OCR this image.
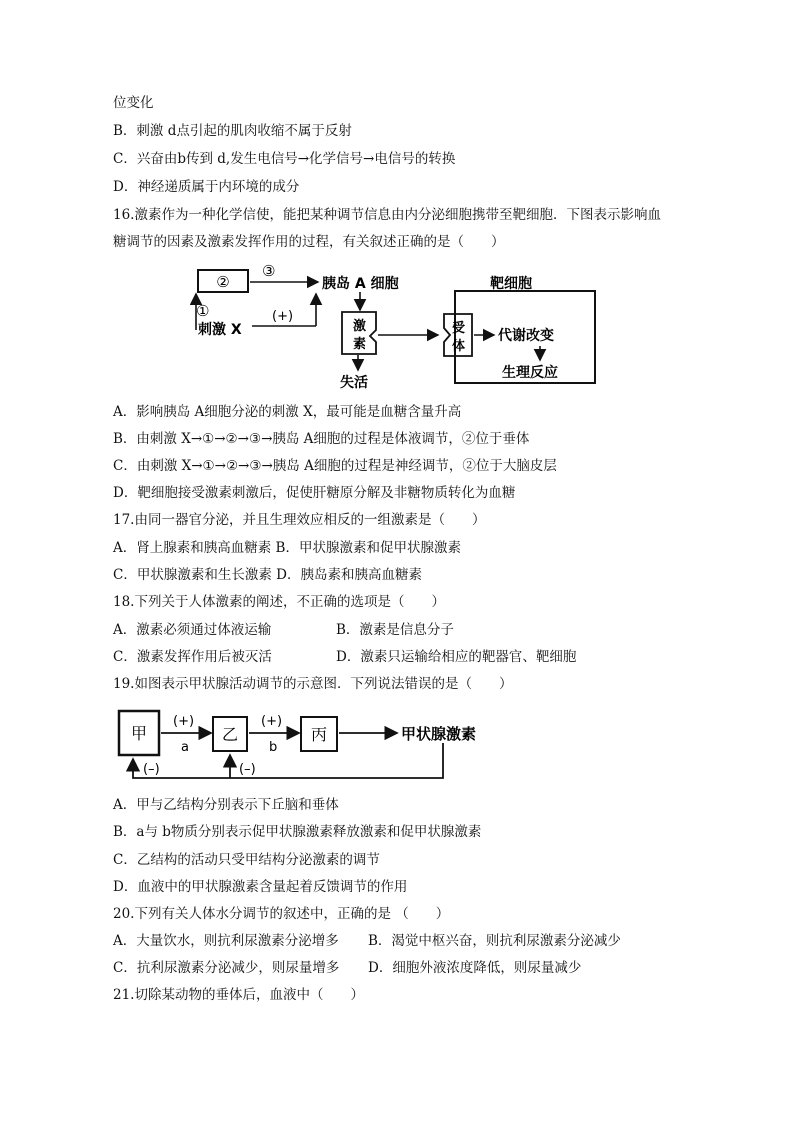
位变化
B．刺激 d点引起的肌肉收缩不属于反射
C．兴奋由b传到 d,发生电信号→化学信号→电信号的转换
D．神经递质属于内环境的成分
16.激素作为一种化学信使，能把某种调节信息由内分泌细胞携带至靶细胞．下图表示影响血
糖调节的因素及激素发挥作用的过程，有关叙述正确的是（　　）
②
③
胰岛 A 细胞
①
刺激 X
(+)
激
素
失活
靶细胞
受
体
代谢改变
生理反应
A．影响胰岛 A细胞分泌的刺激 X，最可能是血糖含量升高
B．由刺激 X→①→②→③→胰岛 A细胞的过程是体液调节，②位于垂体
C．由刺激 X→①→②→③→胰岛 A细胞的过程是神经调节，②位于大脑皮层
D．靶细胞接受激素刺激后，促使肝糖原分解及非糖物质转化为血糖
17.由同一器官分泌，并且生理效应相反的一组激素是（　　）
A．肾上腺素和胰高血糖素 B．甲状腺激素和促甲状腺激素
C．甲状腺激素和生长激素 D．胰岛素和胰高血糖素
18.下列关于人体激素的阐述，不正确的选项是（　　）
A．激素必须通过体液运输	B．激素是信息分子
C．激素发挥作用后被灭活	D．激素只运输给相应的靶器官、靶细胞
19.如图表示甲状腺活动调节的示意图．下列说法错误的是（　　）
甲
(+)
a
乙
(+)
b
丙	甲状腺激素
(–)	(–)
A．甲与乙结构分别表示下丘脑和垂体
B．a与 b物质分别表示促甲状腺激素释放激素和促甲状腺激素
C．乙结构的活动只受甲结构分泌激素的调节
D．血液中的甲状腺激素含量起着反馈调节的作用
20.下列有关人体水分调节的叙述中，正确的是 （　　）
A．大量饮水，则抗利尿激素分泌增多 B．渴觉中枢兴奋，则抗利尿激素分泌减少
C．抗利尿激素分泌减少，则尿量增多 D．细胞外液浓度降低，则尿量减少
21.切除某动物的垂体后，血液中（　　）
